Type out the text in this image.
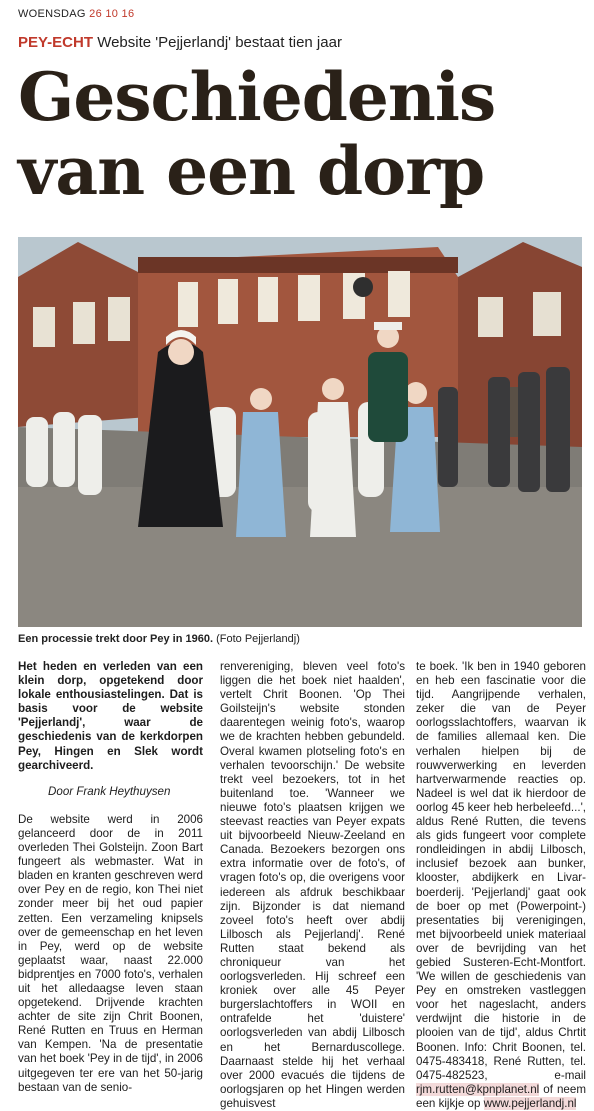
WOENSDAG 26 10 16
PEY-ECHT Website 'Pejjerlandj' bestaat tien jaar
Geschiedenis
van een dorp
Een processie trekt door Pey in 1960. (Foto Pejjerlandj)

Het heden en verleden van een klein dorp, opgetekend door lokale enthousiastelingen. Dat is basis voor de website 'Pejjerlandj', waar de geschiedenis van de kerkdorpen Pey, Hingen en Slek wordt gearchiveerd.

Door Frank Heythuysen

De website werd in 2006 gelanceerd door de in 2011 overleden Thei Golsteijn. Zoon Bart fungeert als webmaster. Wat in bladen en kranten geschreven werd over Pey en de regio, kon Thei niet zonder meer bij het oud papier zetten. Een verzameling knipsels over de gemeenschap en het leven in Pey, werd op de website geplaatst waar, naast 22.000 bidprentjes en 7000 foto's, verhalen uit het alledaagse leven staan opgetekend. Drijvende krachten achter de site zijn Chrit Boonen, René Rutten en Truus en Herman van Kempen. 'Na de presentatie van het boek 'Pey in de tijd', in 2006 uitgegeven ter ere van het 50-jarig bestaan van de senio-

renvereniging, bleven veel foto's liggen die het boek niet haalden', vertelt Chrit Boonen. 'Op Thei Goilsteijn's website stonden daarentegen weinig foto's, waarop we de krachten hebben gebundeld. Overal kwamen plotseling foto's en verhalen tevoorschijn.' De website trekt veel bezoekers, tot in het buitenland toe. 'Wanneer we nieuwe foto's plaatsen krijgen we steevast reacties van Peyer expats uit bijvoorbeeld Nieuw-Zeeland en Canada. Bezoekers bezorgen ons extra informatie over de foto's, of vragen foto's op, die overigens voor iedereen als afdruk beschikbaar zijn. Bijzonder is dat niemand zoveel foto's heeft over abdij Lilbosch als Pejjerlandj'. René Rutten staat bekend als chroniqueur van het oorlogsverleden. Hij schreef een kroniek over alle 45 Peyer burgerslachtoffers in WOII en ontrafelde het 'duistere' oorlogsverleden van abdij Lilbosch en het Bernarduscollege. Daarnaast stelde hij het verhaal over 2000 evacués die tijdens de oorlogsjaren op het Hingen werden gehuisvest

te boek. 'Ik ben in 1940 geboren en heb een fascinatie voor die tijd. Aangrijpende verhalen, zeker die van de Peyer oorlogsslachtoffers, waarvan ik de families allemaal ken. Die verhalen hielpen bij de rouwverwerking en leverden hartverwarmende reacties op. Nadeel is wel dat ik hierdoor de oorlog 45 keer heb herbeleefd...', aldus René Rutten, die tevens als gids fungeert voor complete rondleidingen in abdij Lilbosch, inclusief bezoek aan bunker, klooster, abdijkerk en Livar-boerderij. 'Pejjerlandj' gaat ook de boer op met (Powerpoint-) presentaties bij verenigingen, met bijvoorbeeld uniek materiaal over de bevrijding van het gebied Susteren-Echt-Montfort. 'We willen de geschiedenis van Pey en omstreken vastleggen voor het nageslacht, anders verdwijnt die historie in de plooien van de tijd', aldus Chrtit Boonen. Info: Chrit Boonen, tel. 0475-483418, René Rutten, tel. 0475-482523, e-mail rjm.rutten@kpnplanet.nl of neem een kijkje op www.pejjerlandj.nl
